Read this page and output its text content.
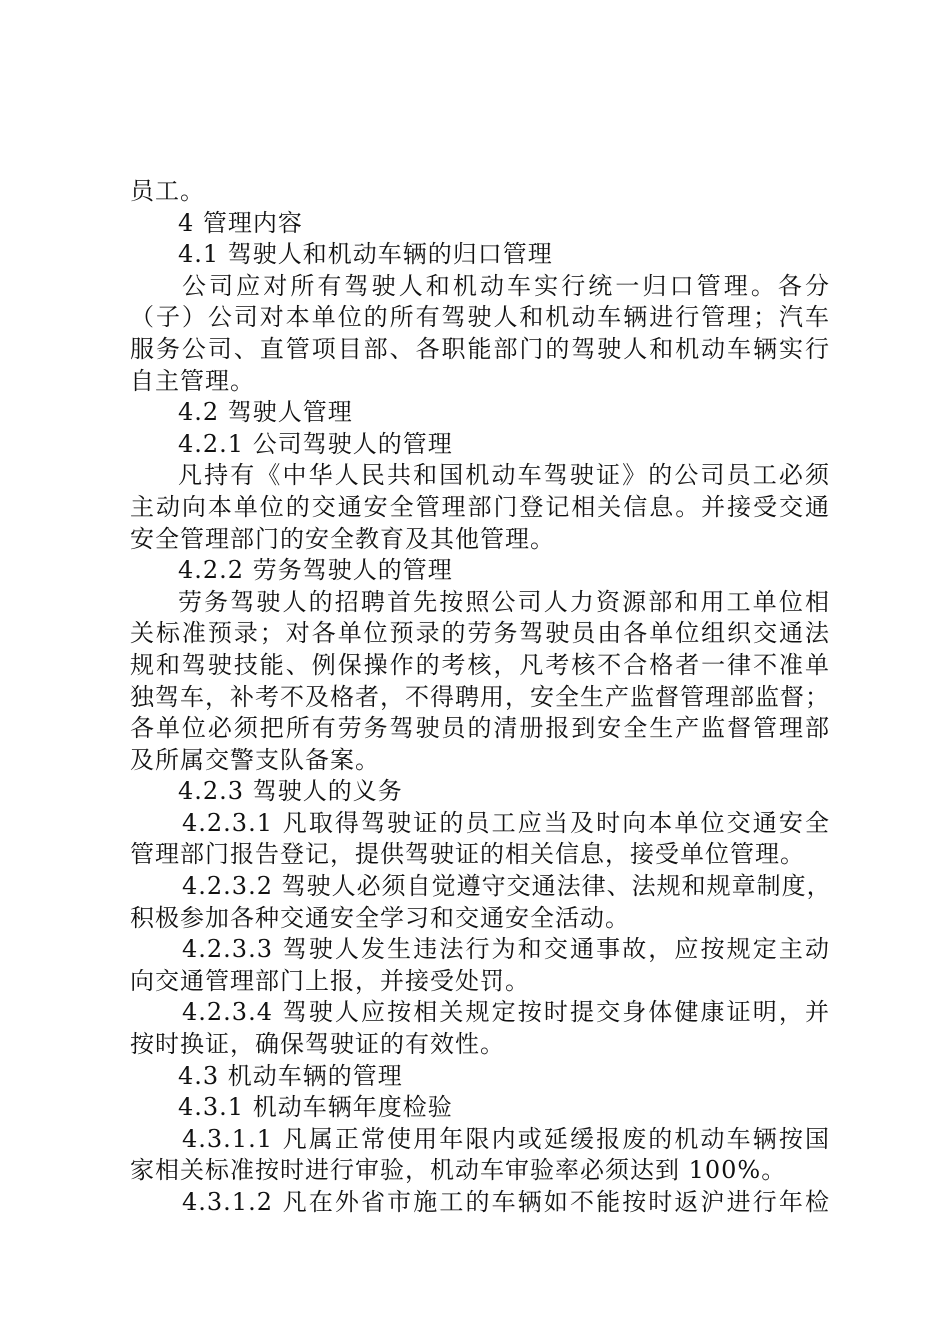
员工。
4 管理内容
4.1 驾驶人和机动车辆的归口管理
公司应对所有驾驶人和机动车实行统一归口管理。各分
（子）公司对本单位的所有驾驶人和机动车辆进行管理；汽车
服务公司、直管项目部、各职能部门的驾驶人和机动车辆实行
自主管理。
4.2 驾驶人管理
4.2.1 公司驾驶人的管理
凡持有《中华人民共和国机动车驾驶证》的公司员工必须
主动向本单位的交通安全管理部门登记相关信息。并接受交通
安全管理部门的安全教育及其他管理。
4.2.2 劳务驾驶人的管理
劳务驾驶人的招聘首先按照公司人力资源部和用工单位相
关标准预录；对各单位预录的劳务驾驶员由各单位组织交通法
规和驾驶技能、例保操作的考核，凡考核不合格者一律不准单
独驾车，补考不及格者，不得聘用，安全生产监督管理部监督；
各单位必须把所有劳务驾驶员的清册报到安全生产监督管理部
及所属交警支队备案。
4.2.3 驾驶人的义务
4.2.3.1 凡取得驾驶证的员工应当及时向本单位交通安全
管理部门报告登记，提供驾驶证的相关信息，接受单位管理。
4.2.3.2 驾驶人必须自觉遵守交通法律、法规和规章制度，
积极参加各种交通安全学习和交通安全活动。
4.2.3.3 驾驶人发生违法行为和交通事故，应按规定主动
向交通管理部门上报，并接受处罚。
4.2.3.4 驾驶人应按相关规定按时提交身体健康证明，并
按时换证，确保驾驶证的有效性。
4.3 机动车辆的管理
4.3.1 机动车辆年度检验
4.3.1.1 凡属正常使用年限内或延缓报废的机动车辆按国
家相关标准按时进行审验，机动车审验率必须达到 100%。
4.3.1.2 凡在外省市施工的车辆如不能按时返沪进行年检
